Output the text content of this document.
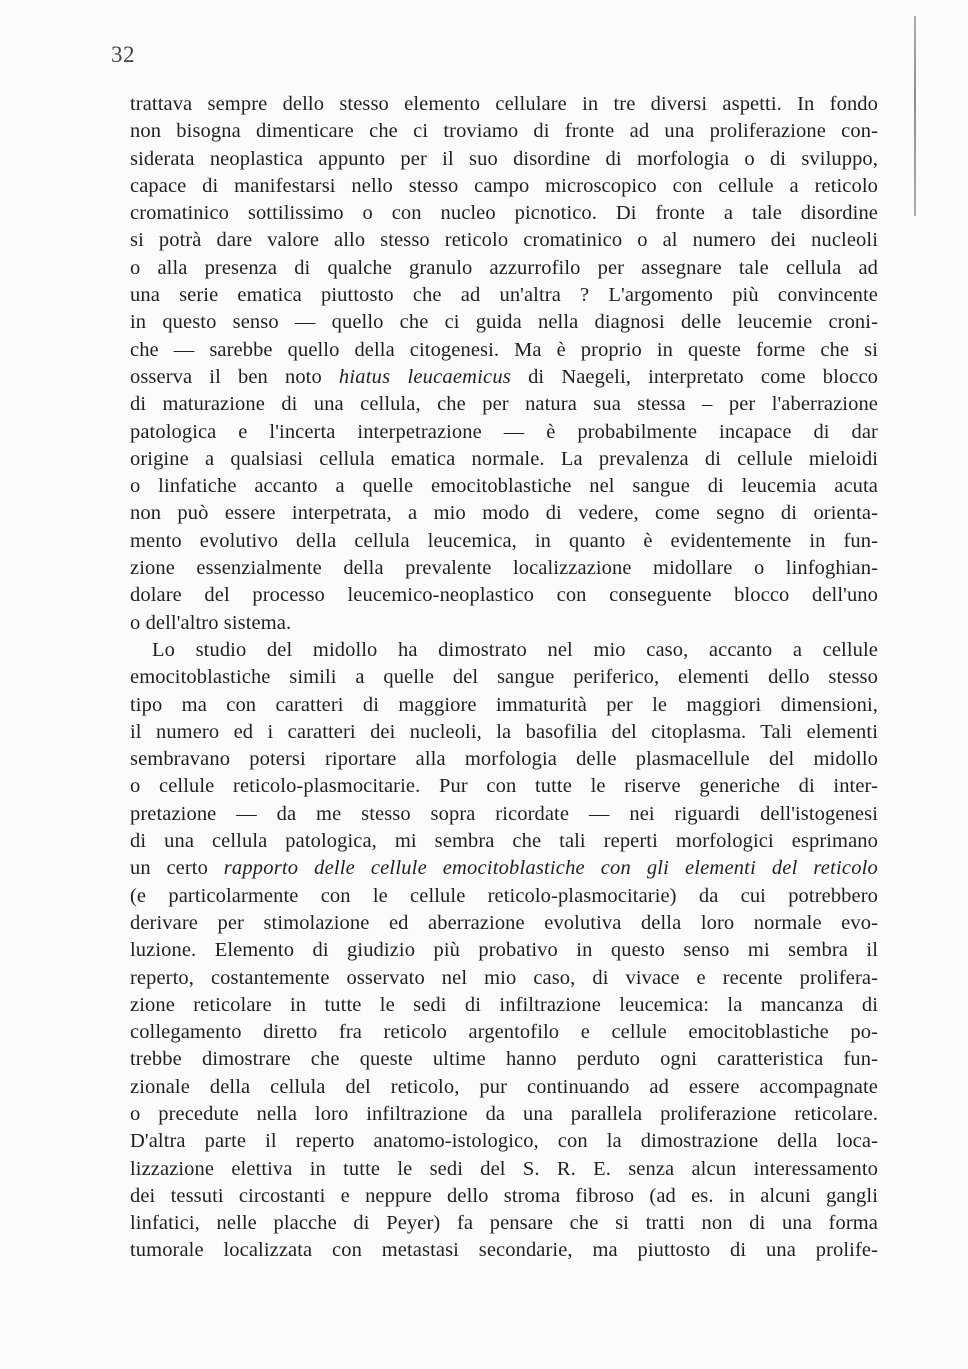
32
trattava sempre dello stesso elemento cellulare in tre diversi aspetti. In fondo
non bisogna dimenticare che ci troviamo di fronte ad una proliferazione con-
siderata neoplastica appunto per il suo disordine di morfologia o di sviluppo,
capace di manifestarsi nello stesso campo microscopico con cellule a reticolo
cromatinico sottilissimo o con nucleo picnotico. Di fronte a tale disordine
si potrà dare valore allo stesso reticolo cromatinico o al numero dei nucleoli
o alla presenza di qualche granulo azzurrofilo per assegnare tale cellula ad
una serie ematica piuttosto che ad un'altra ? L'argomento più convincente
in questo senso — quello che ci guida nella diagnosi delle leucemie croni-
che — sarebbe quello della citogenesi. Ma è proprio in queste forme che si
osserva il ben noto hiatus leucaemicus di Naegeli, interpretato come blocco
di maturazione di una cellula, che per natura sua stessa – per l'aberrazione
patologica e l'incerta interpetrazione — è probabilmente incapace di dar
origine a qualsiasi cellula ematica normale. La prevalenza di cellule mieloidi
o linfatiche accanto a quelle emocitoblastiche nel sangue di leucemia acuta
non può essere interpetrata, a mio modo di vedere, come segno di orienta-
mento evolutivo della cellula leucemica, in quanto è evidentemente in fun-
zione essenzialmente della prevalente localizzazione midollare o linfoghian-
dolare del processo leucemico-neoplastico con conseguente blocco dell'uno
o dell'altro sistema.
Lo studio del midollo ha dimostrato nel mio caso, accanto a cellule
emocitoblastiche simili a quelle del sangue periferico, elementi dello stesso
tipo ma con caratteri di maggiore immaturità per le maggiori dimensioni,
il numero ed i caratteri dei nucleoli, la basofilia del citoplasma. Tali elementi
sembravano potersi riportare alla morfologia delle plasmacellule del midollo
o cellule reticolo-plasmocitarie. Pur con tutte le riserve generiche di inter-
pretazione — da me stesso sopra ricordate — nei riguardi dell'istogenesi
di una cellula patologica, mi sembra che tali reperti morfologici esprimano
un certo rapporto delle cellule emocitoblastiche con gli elementi del reticolo
(e particolarmente con le cellule reticolo-plasmocitarie) da cui potrebbero
derivare per stimolazione ed aberrazione evolutiva della loro normale evo-
luzione. Elemento di giudizio più probativo in questo senso mi sembra il
reperto, costantemente osservato nel mio caso, di vivace e recente prolifera-
zione reticolare in tutte le sedi di infiltrazione leucemica: la mancanza di
collegamento diretto fra reticolo argentofilo e cellule emocitoblastiche po-
trebbe dimostrare che queste ultime hanno perduto ogni caratteristica fun-
zionale della cellula del reticolo, pur continuando ad essere accompagnate
o precedute nella loro infiltrazione da una parallela proliferazione reticolare.
D'altra parte il reperto anatomo-istologico, con la dimostrazione della loca-
lizzazione elettiva in tutte le sedi del S. R. E. senza alcun interessamento
dei tessuti circostanti e neppure dello stroma fibroso (ad es. in alcuni gangli
linfatici, nelle placche di Peyer) fa pensare che si tratti non di una forma
tumorale localizzata con metastasi secondarie, ma piuttosto di una prolife-
